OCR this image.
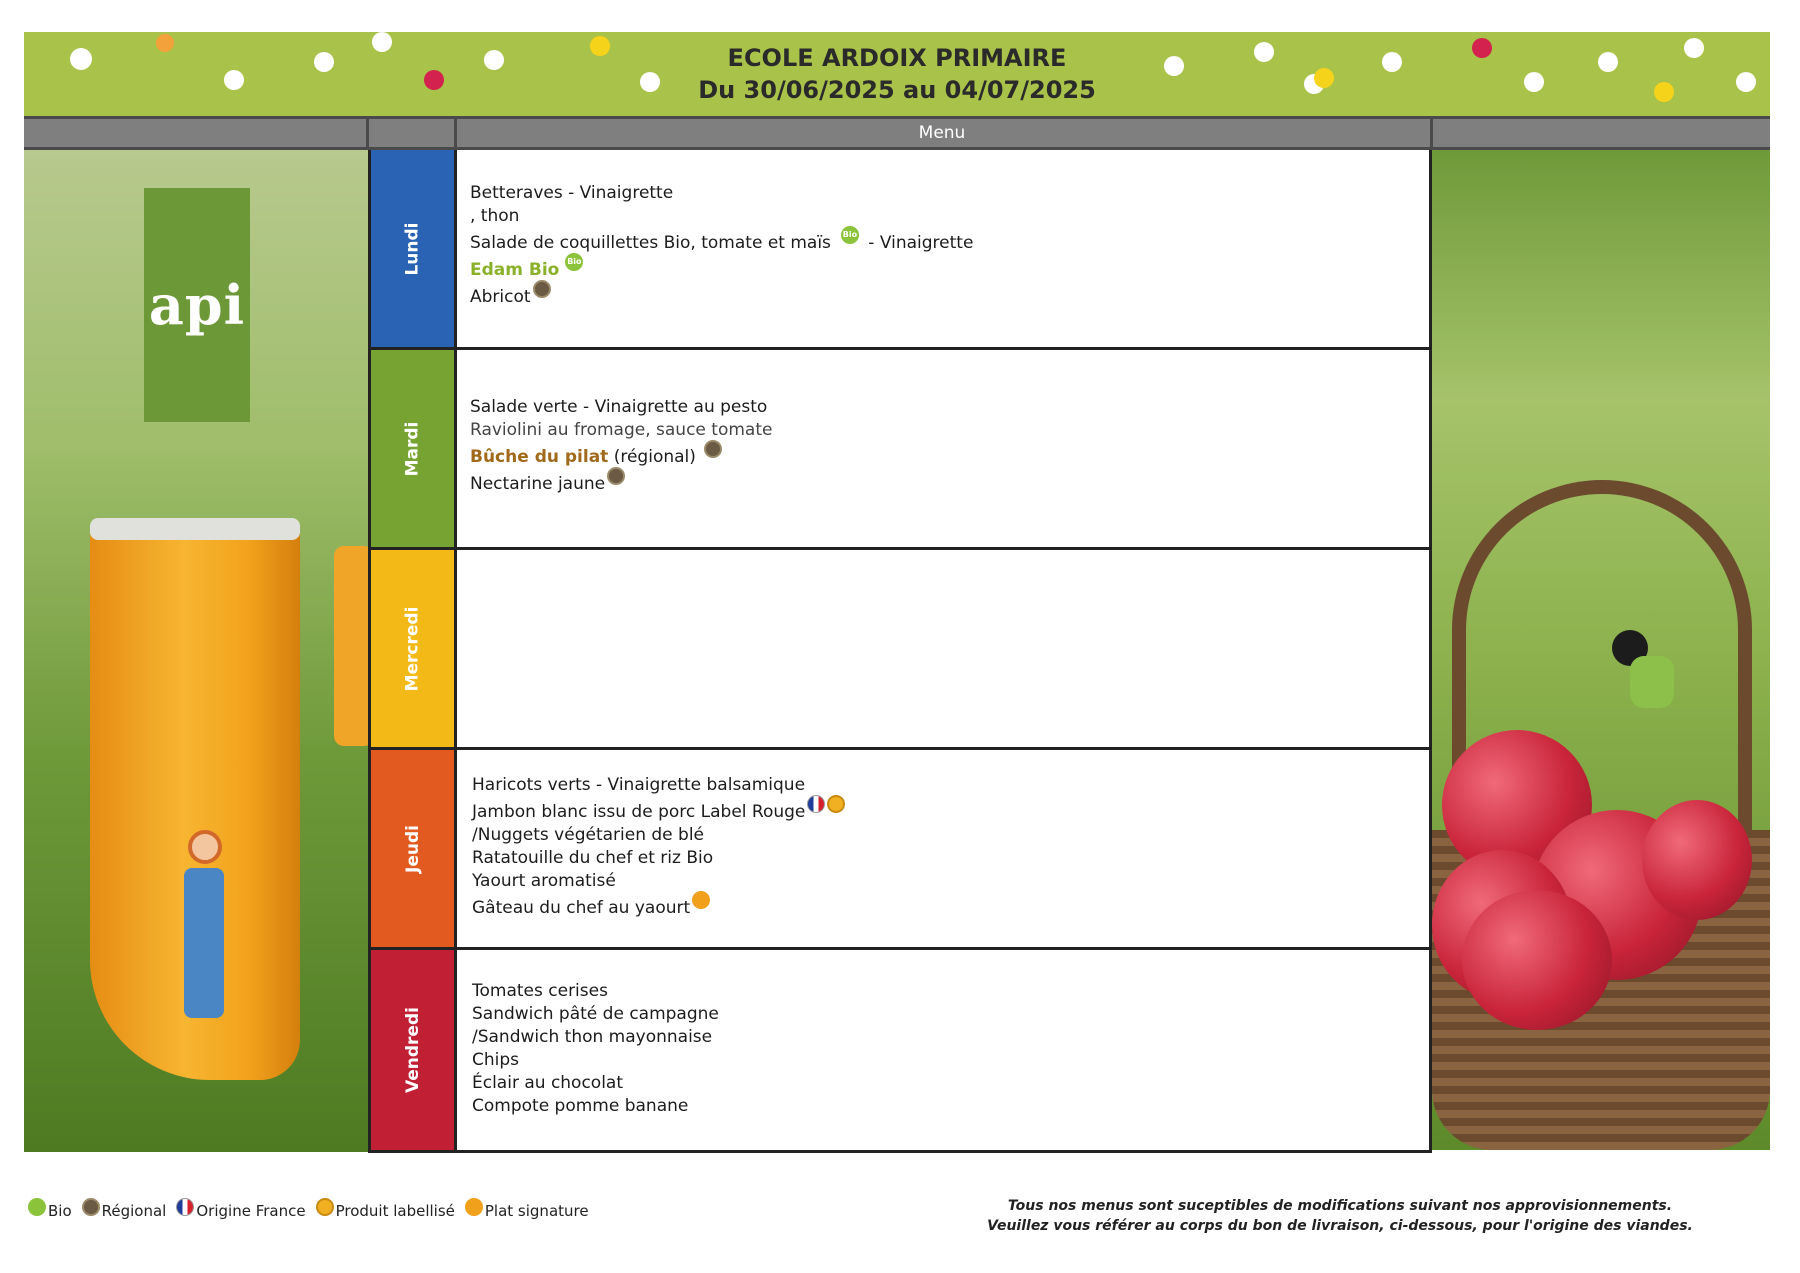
ECOLE ARDOIX PRIMAIRE
Du 30/06/2025 au 04/07/2025
Menu
api
Lundi
Betteraves - Vinaigrette
, thon
Salade de coquillettes Bio, tomate et maïs Bio - Vinaigrette
Edam Bio Bio
Abricot
Mardi
Salade verte - Vinaigrette au pesto
Raviolini au fromage, sauce tomate
Bûche du pilat (régional)
Nectarine jaune
Mercredi
Jeudi
Haricots verts - Vinaigrette balsamique
Jambon blanc issu de porc Label Rouge
/Nuggets végétarien de blé
Ratatouille du chef et riz Bio
Yaourt aromatisé
Gâteau du chef au yaourt
Vendredi
Tomates cerises
Sandwich pâté de campagne
/Sandwich thon mayonnaise
Chips
Éclair au chocolat
Compote pomme banane
Bio Régional Origine France Produit labellisé Plat signature	Tous nos menus sont suceptibles de modifications suivant nos approvisionnements.
Veuillez vous référer au corps du bon de livraison, ci-dessous, pour l'origine des viandes.
